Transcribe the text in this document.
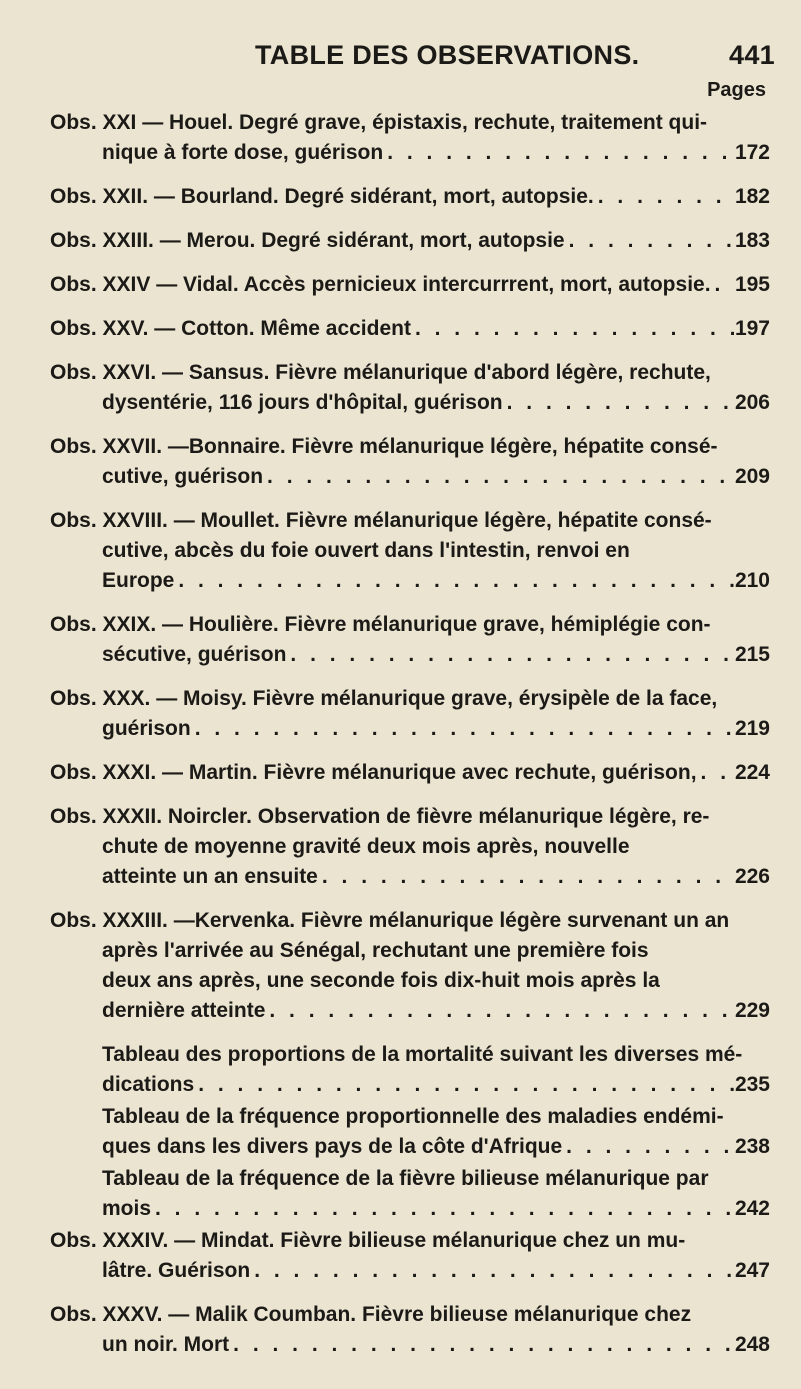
TABLE DES OBSERVATIONS.	441
Pages
Obs. XXI — Houel. Degré grave, épistaxis, rechute, traitement qui-
nique à forte dose, guérison . . .	172
Obs. XXII. — Bourland. Degré sidérant, mort, autopsie. . . .	182
Obs. XXIII. — Merou. Degré sidérant, mort, autopsie . . .	183
Obs. XXIV — Vidal. Accès pernicieux intercurrrent, mort, autopsie. . . . 195
Obs. XXV. — Cotton. Même accident . . .	197
Obs. XXVI. — Sansus. Fièvre mélanurique d'abord légère, rechute,
dysentérie, 116 jours d'hôpital, guérison . . .	206
Obs. XXVII. —Bonnaire. Fièvre mélanurique légère, hépatite consé-
cutive, guérison . . .	209
Obs. XXVIII. — Moullet. Fièvre mélanurique légère, hépatite consé-
cutive, abcès du foie ouvert dans l'intestin, renvoi en
Europe . . .	210
Obs. XXIX. — Houlière. Fièvre mélanurique grave, hémiplégie con-
sécutive, guérison . . .	215
Obs. XXX. — Moisy. Fièvre mélanurique grave, érysipèle de la face,
guérison . . .	219
Obs. XXXI. — Martin. Fièvre mélanurique avec rechute, guérison, . . . 224
Obs. XXXII. Noircler. Observation de fièvre mélanurique légère, re-
chute de moyenne gravité deux mois après, nouvelle
atteinte un an ensuite . . .	226
Obs. XXXIII. —Kervenka. Fièvre mélanurique légère survenant un an
après l'arrivée au Sénégal, rechutant une première fois
deux ans après, une seconde fois dix-huit mois après la
dernière atteinte . . .	229
Tableau des proportions de la mortalité suivant les diverses mé-
dications . . .	235
Tableau de la fréquence proportionnelle des maladies endémi-
ques dans les divers pays de la côte d'Afrique . . .	238
Tableau de la fréquence de la fièvre bilieuse mélanurique par
mois . . .	242
Obs. XXXIV. — Mindat. Fièvre bilieuse mélanurique chez un mu-
lâtre. Guérison . . .	247
Obs. XXXV. — Malik Coumban. Fièvre bilieuse mélanurique chez
un noir. Mort . . .	248
